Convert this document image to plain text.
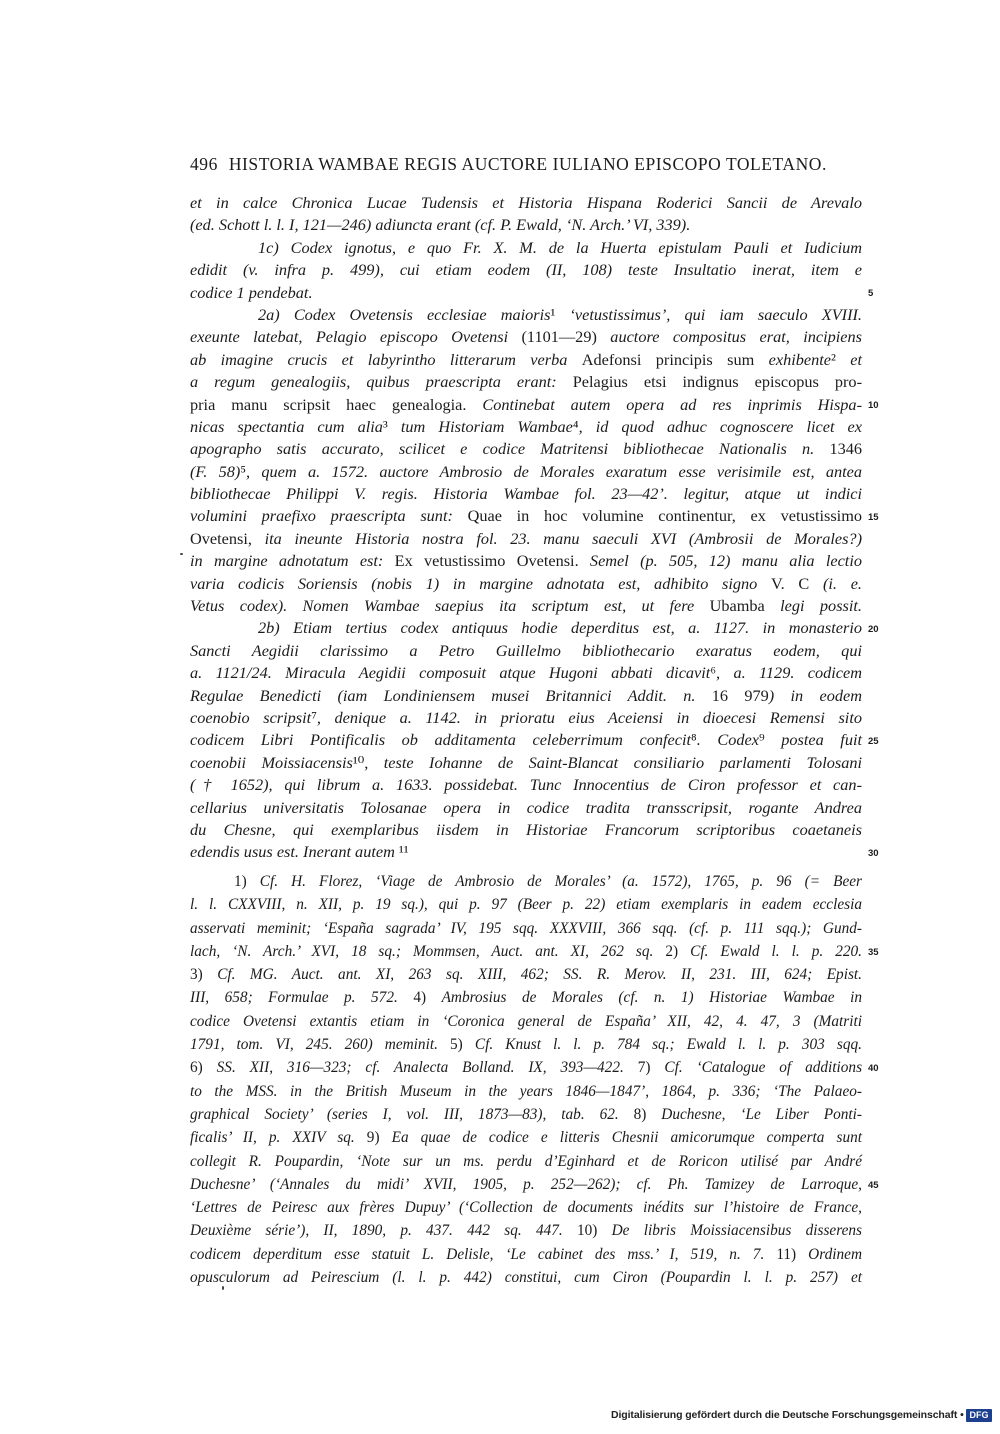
496 HISTORIA WAMBAE REGIS AUCTORE IULIANO EPISCOPO TOLETANO.
et in calce Chronica Lucae Tudensis et Historia Hispana Roderici Sancii de Arevalo
(ed. Schott l. l. I, 121—246) adiuncta erant (cf. P. Ewald, ‘N. Arch.’ VI, 339).
1c) Codex ignotus, e quo Fr. X. M. de la Huerta epistulam Pauli et Iudicium
edidit (v. infra p. 499), cui etiam eodem (II, 108) teste Insultatio inerat, item e
codice 1 pendebat.
2a) Codex Ovetensis ecclesiae maioris¹ ‘vetustissimus’, qui iam saeculo XVIII.
exeunte latebat, Pelagio episcopo Ovetensi (1101—29) auctore compositus erat, incipiens
ab imagine crucis et labyrintho litterarum verba Adefonsi principis sum exhibente² et
a regum genealogiis, quibus praescripta erant: Pelagius etsi indignus episcopus pro-
pria manu scripsit haec genealogia. Continebat autem opera ad res inprimis Hispa-
nicas spectantia cum alia³ tum Historiam Wambae⁴, id quod adhuc cognoscere licet ex
apographo satis accurato, scilicet e codice Matritensi bibliothecae Nationalis n. 1346
(F. 58)⁵, quem a. 1572. auctore Ambrosio de Morales exaratum esse verisimile est, antea
bibliothecae Philippi V. regis. Historia Wambae fol. 23—42’. legitur, atque ut indici
volumini praefixo praescripta sunt: Quae in hoc volumine continentur, ex vetustissimo
Ovetensi, ita ineunte Historia nostra fol. 23. manu saeculi XVI (Ambrosii de Morales?)
in margine adnotatum est: Ex vetustissimo Ovetensi. Semel (p. 505, 12) manu alia lectio
varia codicis Soriensis (nobis 1) in margine adnotata est, adhibito signo V. C (i. e.
Vetus codex). Nomen Wambae saepius ita scriptum est, ut fere Ubamba legi possit.
2b) Etiam tertius codex antiquus hodie deperditus est, a. 1127. in monasterio
Sancti Aegidii clarissimo a Petro Guillelmo bibliothecario exaratus eodem, qui
a. 1121/24. Miracula Aegidii composuit atque Hugoni abbati dicavit⁶, a. 1129. codicem
Regulae Benedicti (iam Londiniensem musei Britannici Addit. n. 16 979) in eodem
coenobio scripsit⁷, denique a. 1142. in prioratu eius Aceiensi in dioecesi Remensi sito
codicem Libri Pontificalis ob additamenta celeberrimum confecit⁸. Codex⁹ postea fuit
coenobii Moissiacensis¹⁰, teste Iohanne de Saint-Blancat consiliario parlamenti Tolosani
(† 1652), qui librum a. 1633. possidebat. Tunc Innocentius de Ciron professor et can-
cellarius universitatis Tolosanae opera in codice tradita transscripsit, rogante Andrea
du Chesne, qui exemplaribus iisdem in Historiae Francorum scriptoribus coaetaneis
edendis usus est. Inerant autem ¹¹
5
10
15
20
25
30
1) Cf. H. Florez, ‘Viage de Ambrosio de Morales’ (a. 1572), 1765, p. 96 (= Beer
l. l. CXXVIII, n. XII, p. 19 sq.), qui p. 97 (Beer p. 22) etiam exemplaris in eadem ecclesia
asservati meminit; ‘España sagrada’ IV, 195 sqq. XXXVIII, 366 sqq. (cf. p. 111 sqq.); Gund-
lach, ‘N. Arch.’ XVI, 18 sq.; Mommsen, Auct. ant. XI, 262 sq. 2) Cf. Ewald l. l. p. 220.
3) Cf. MG. Auct. ant. XI, 263 sq. XIII, 462; SS. R. Merov. II, 231. III, 624; Epist.
III, 658; Formulae p. 572. 4) Ambrosius de Morales (cf. n. 1) Historiae Wambae in
codice Ovetensi extantis etiam in ‘Coronica general de España’ XII, 42, 4. 47, 3 (Matriti
1791, tom. VI, 245. 260) meminit. 5) Cf. Knust l. l. p. 784 sq.; Ewald l. l. p. 303 sqq.
6) SS. XII, 316—323; cf. Analecta Bolland. IX, 393—422. 7) Cf. ‘Catalogue of additions
to the MSS. in the British Museum in the years 1846—1847’, 1864, p. 336; ‘The Palaeo-
graphical Society’ (series I, vol. III, 1873—83), tab. 62. 8) Duchesne, ‘Le Liber Ponti-
ficalis’ II, p. XXIV sq. 9) Ea quae de codice e litteris Chesnii amicorumque comperta sunt
collegit R. Poupardin, ‘Note sur un ms. perdu d’Eginhard et de Roricon utilisé par André
Duchesne’ (‘Annales du midi’ XVII, 1905, p. 252—262); cf. Ph. Tamizey de Larroque,
‘Lettres de Peiresc aux frères Dupuy’ (‘Collection de documents inédits sur l’histoire de France,
Deuxième série’), II, 1890, p. 437. 442 sq. 447. 10) De libris Moissiacensibus disserens
codicem deperditum esse statuit L. Delisle, ‘Le cabinet des mss.’ I, 519, n. 7. 11) Ordinem
opusculorum ad Peirescium (l. l. p. 442) constitui, cum Ciron (Poupardin l. l. p. 257) et
35
40
45
Digitalisierung gefördert durch die Deutsche Forschungsgemeinschaft • DFG
